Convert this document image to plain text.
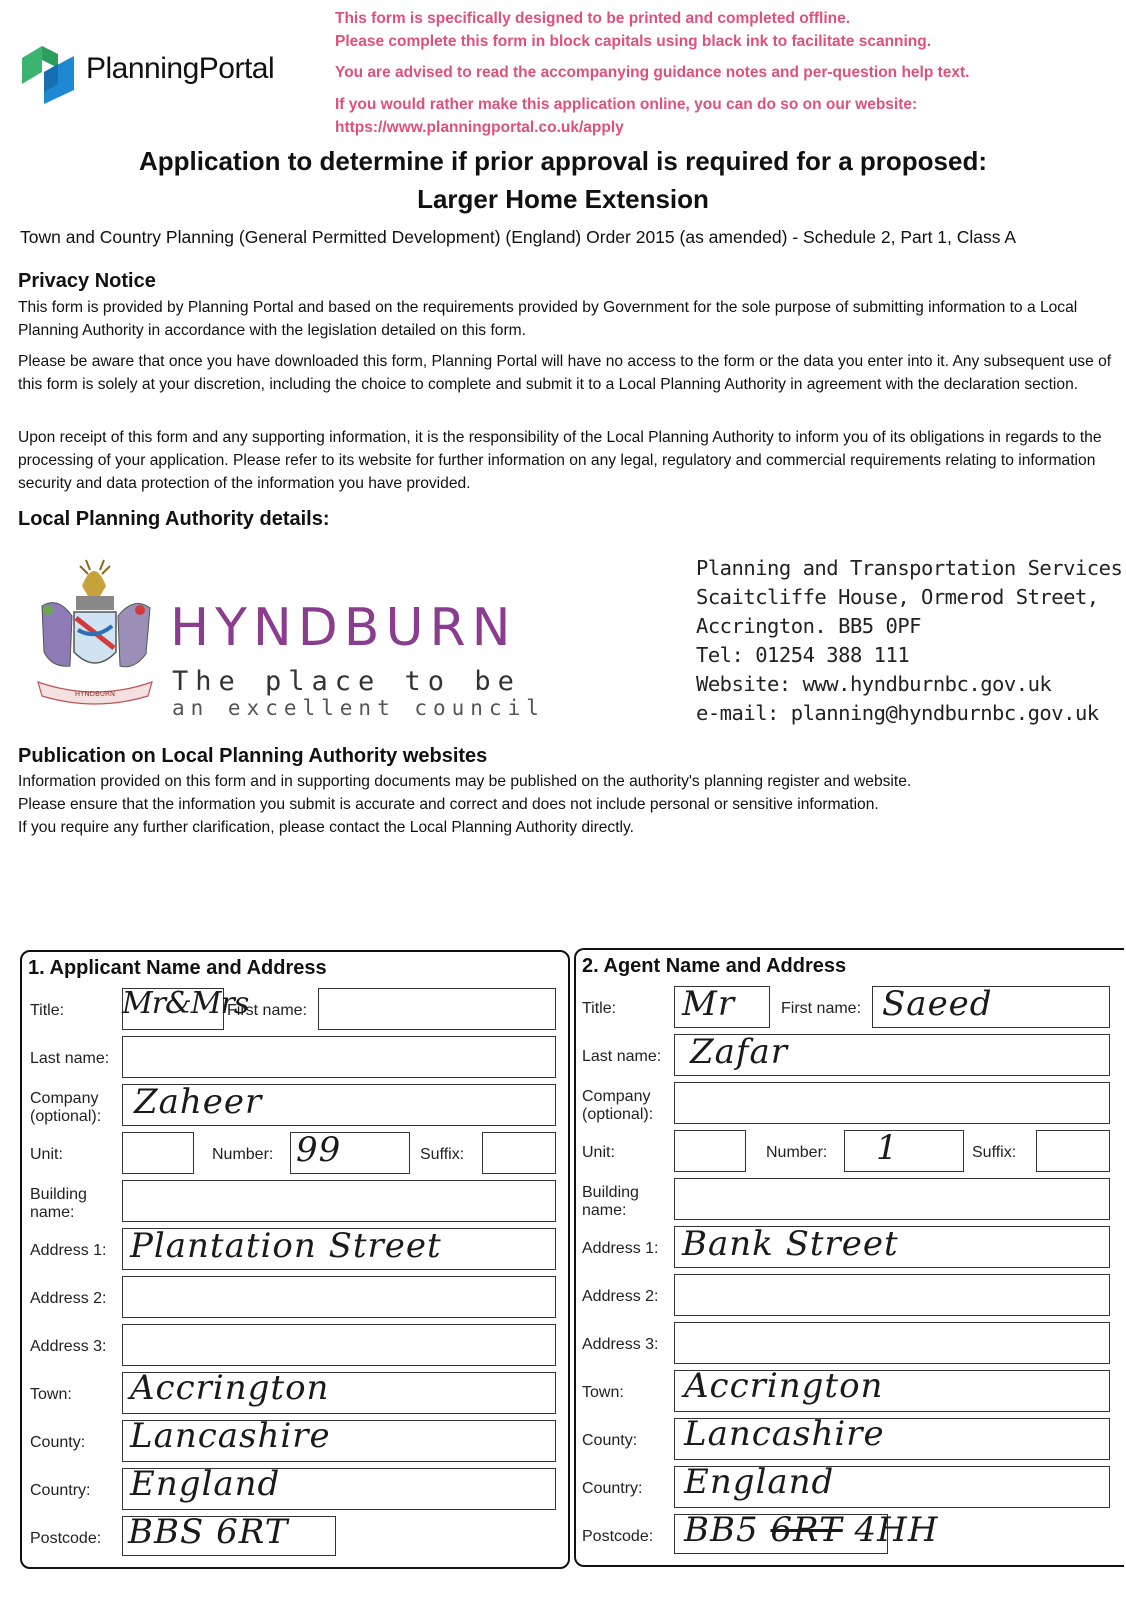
PlanningPortal
This form is specifically designed to be printed and completed offline.
Please complete this form in block capitals using black ink to facilitate scanning.
You are advised to read the accompanying guidance notes and per-question help text.
If you would rather make this application online, you can do so on our website:
https://www.planningportal.co.uk/apply
Application to determine if prior approval is required for a proposed:
Larger Home Extension
Town and Country Planning (General Permitted Development) (England) Order 2015 (as amended) - Schedule 2, Part 1, Class A
Privacy Notice
This form is provided by Planning Portal and based on the requirements provided by Government for the sole purpose of submitting information to a Local Planning Authority in accordance with the legislation detailed on this form.
Please be aware that once you have downloaded this form, Planning Portal will have no access to the form or the data you enter into it. Any subsequent use of this form is solely at your discretion, including the choice to complete and submit it to a Local Planning Authority in agreement with the declaration section.
Upon receipt of this form and any supporting information, it is the responsibility of the Local Planning Authority to inform you of its obligations in regards to the processing of your application. Please refer to its website for further information on any legal, regulatory and commercial requirements relating to information security and data protection of the information you have provided.
Local Planning Authority details:
HYNDBURN
HYNDBURN
The place to be
an excellent council
Planning and Transportation Services
Scaitcliffe House, Ormerod Street,
Accrington. BB5 0PF
Tel: 01254 388 111
Website: www.hyndburnbc.gov.uk
e-mail: planning@hyndburnbc.gov.uk
Publication on Local Planning Authority websites
Information provided on this form and in supporting documents may be published on the authority's planning register and website.
Please ensure that the information you submit is accurate and correct and does not include personal or sensitive information.
If you require any further clarification, please contact the Local Planning Authority directly.
1. Applicant Name and Address
Title: Mr&Mrs
First name:
Last name:
Company
(optional): Zaheer
Unit:	Number: 99	Suffix:
Building
name:
Address 1: Plantation Street
Address 2:
Address 3:
Town: Accrington
County: Lancashire
Country: England
Postcode: BBS 6RT
2. Agent Name and Address
Title: Mr	First name: Saeed
Last name: Zafar
Company
(optional):
Unit:	Number: 1	Suffix:
Building
name:
Address 1: Bank Street
Address 2:
Address 3:
Town: Accrington
County: Lancashire
Country: England
Postcode: BB5 6RT 4HH
